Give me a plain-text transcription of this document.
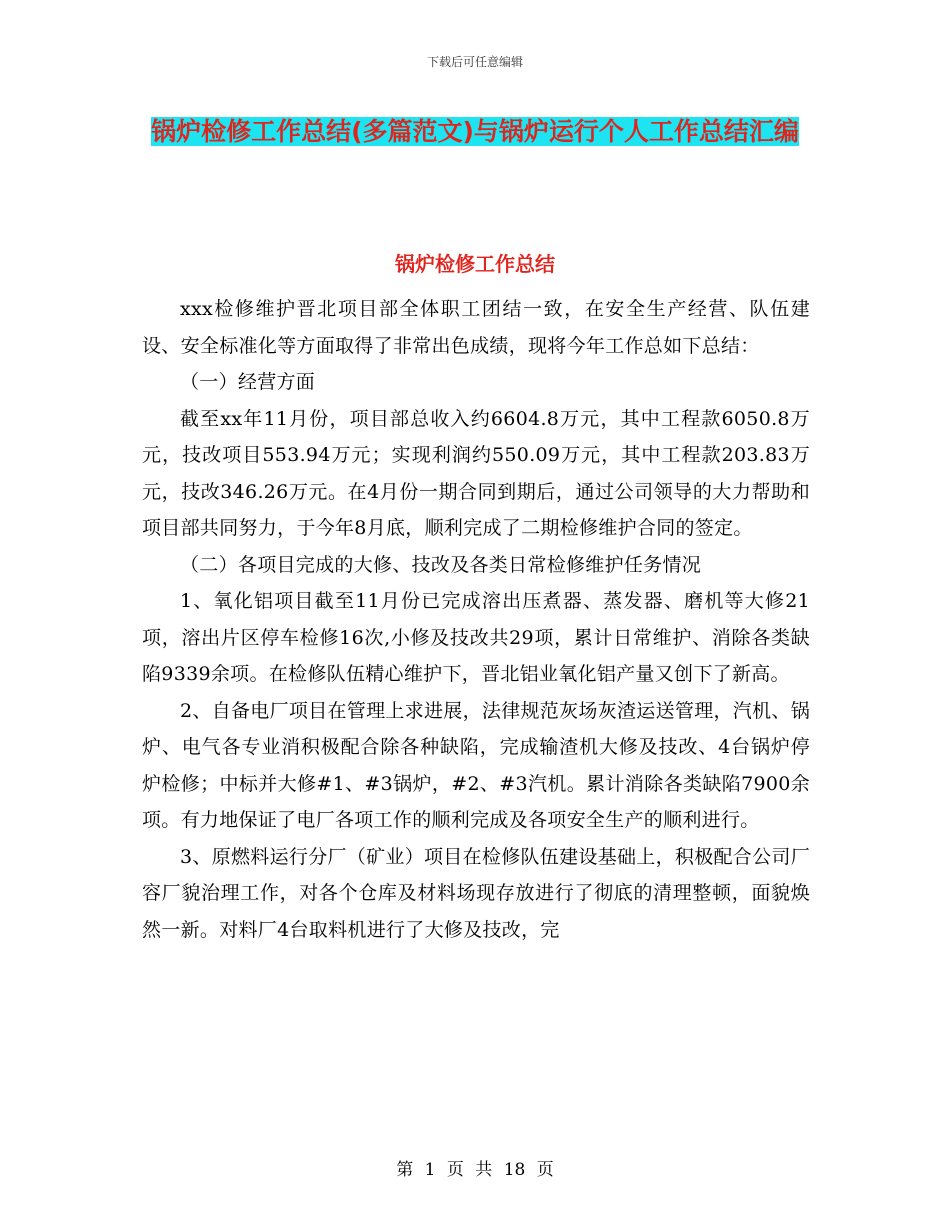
下载后可任意编辑
锅炉检修工作总结(多篇范文)与锅炉运行个人工作总结汇编
锅炉检修工作总结

xxx检修维护晋北项目部全体职工团结一致，在安全生产经营、队伍建设、安全标准化等方面取得了非常出色成绩，现将今年工作总如下总结：

（一）经营方面

截至xx年11月份，项目部总收入约6604.8万元，其中工程款6050.8万元，技改项目553.94万元；实现利润约550.09万元，其中工程款203.83万元，技改346.26万元。在4月份一期合同到期后，通过公司领导的大力帮助和项目部共同努力，于今年8月底，顺利完成了二期检修维护合同的签定。

（二）各项目完成的大修、技改及各类日常检修维护任务情况

1、氧化铝项目截至11月份已完成溶出压煮器、蒸发器、磨机等大修21项，溶出片区停车检修16次,小修及技改共29项，累计日常维护、消除各类缺陷9339余项。在检修队伍精心维护下，晋北铝业氧化铝产量又创下了新高。

2、自备电厂项目在管理上求进展，法律规范灰场灰渣运送管理，汽机、锅炉、电气各专业消积极配合除各种缺陷，完成输渣机大修及技改、4台锅炉停炉检修；中标并大修#1、#3锅炉，#2、#3汽机。累计消除各类缺陷7900余项。有力地保证了电厂各项工作的顺利完成及各项安全生产的顺利进行。

3、原燃料运行分厂（矿业）项目在检修队伍建设基础上，积极配合公司厂容厂貌治理工作，对各个仓库及材料场现存放进行了彻底的清理整顿，面貌焕然一新。对料厂4台取料机进行了大修及技改，完

第 1 页 共 18 页
